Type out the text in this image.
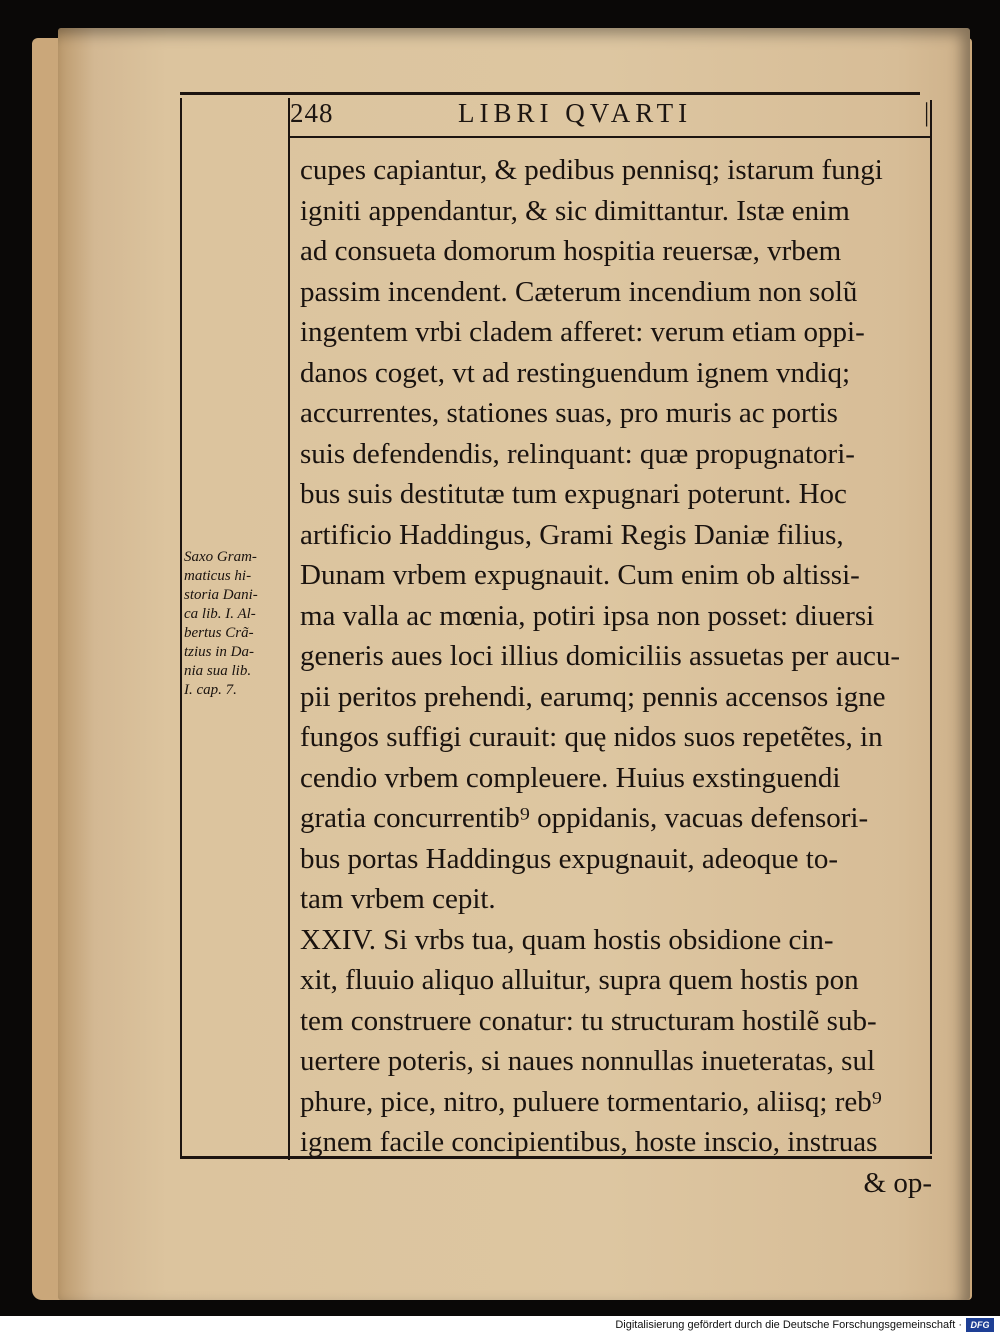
248	LIBRI QVARTI	|
cupes capiantur, & pedibus pennisq; istarum fungi
igniti appendantur, & sic dimittantur. Istæ enim
ad consueta domorum hospitia reuersæ, vrbem
passim incendent. Cæterum incendium non solũ
ingentem vrbi cladem afferet: verum etiam oppi-
danos coget, vt ad restinguendum ignem vndiq;
accurrentes, stationes suas, pro muris ac portis
suis defendendis, relinquant: quæ propugnatori-
bus suis destitutæ tum expugnari poterunt. Hoc
artificio Haddingus, Grami Regis Daniæ filius,
Dunam vrbem expugnauit. Cum enim ob altissi-
ma valla ac mœnia, potiri ipsa non posset: diuersi
generis aues loci illius domiciliis assuetas per aucu-
pii peritos prehendi, earumq; pennis accensos igne
fungos suffigi curauit: quę nidos suos repetẽtes, in
cendio vrbem compleuere. Huius exstinguendi
gratia concurrentib⁹ oppidanis, vacuas defensori-
bus portas Haddingus expugnauit, adeoque to-
tam vrbem cepit.
XXIV. Si vrbs tua, quam hostis obsidione cin-
xit, fluuio aliquo alluitur, supra quem hostis pon
tem construere conatur: tu structuram hostilẽ sub-
uertere poteris, si naues nonnullas inueteratas, sul
phure, pice, nitro, puluere tormentario, aliisq; reb⁹
ignem facile concipientibus, hoste inscio, instruas
& op-
Saxo Gram-
maticus hi-
storia Dani-
ca lib. I. Al-
bertus Crã-
tzius in Da-
nia sua lib.
I. cap. 7.
Digitalisierung gefördert durch die Deutsche Forschungsgemeinschaft · DFG
